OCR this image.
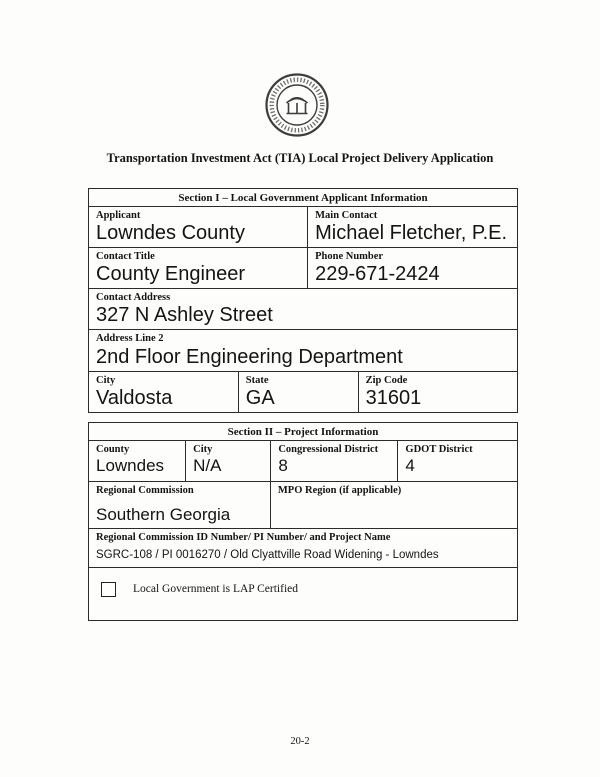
Transportation Investment Act (TIA) Local Project Delivery Application
Section I – Local Government Applicant Information
Applicant
Lowndes County
Main Contact
Michael Fletcher, P.E.
Contact Title
County Engineer
Phone Number
229-671-2424
Contact Address
327 N Ashley Street
Address Line 2
2nd Floor Engineering Department
City
Valdosta
State
GA
Zip Code
31601
Section II – Project Information
County
Lowndes
City
N/A
Congressional District
8
GDOT District
4
Regional Commission
Southern Georgia
MPO Region (if applicable)
Regional Commission ID Number/ PI Number/ and Project Name
SGRC-108 / PI 0016270 / Old Clyattville Road Widening - Lowndes
Local Government is LAP Certified
20-2
